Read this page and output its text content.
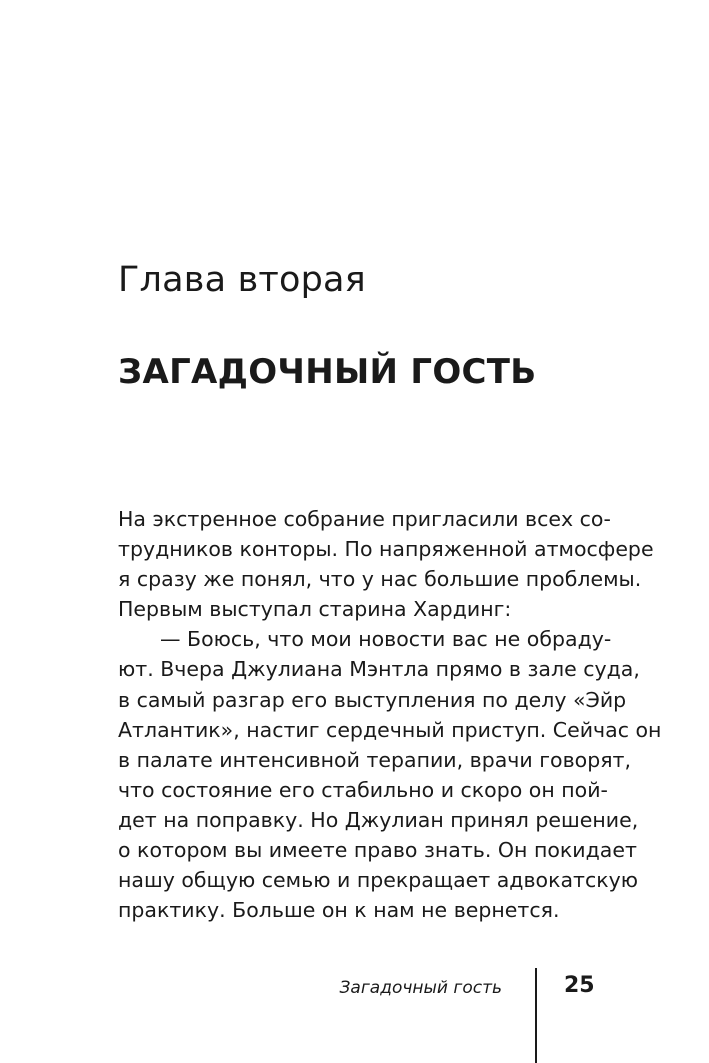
Глава вторая
ЗАГАДОЧНЫЙ ГОСТЬ
На экстренное собрание пригласили всех со-
трудников конторы. По напряженной атмосфере
я сразу же понял, что у нас большие проблемы.
Первым выступал старина Хардинг:
— Боюсь, что мои новости вас не обраду-
ют. Вчера Джулиана Мэнтла прямо в зале суда,
в самый разгар его выступления по делу «Эйр
Атлантик», настиг сердечный приступ. Сейчас он
в палате интенсивной терапии, врачи говорят,
что состояние его стабильно и скоро он пой-
дет на поправку. Но Джулиан принял решение,
о котором вы имеете право знать. Он покидает
нашу общую семью и прекращает адвокатскую
практику. Больше он к нам не вернется.
Загадочный гость	25
